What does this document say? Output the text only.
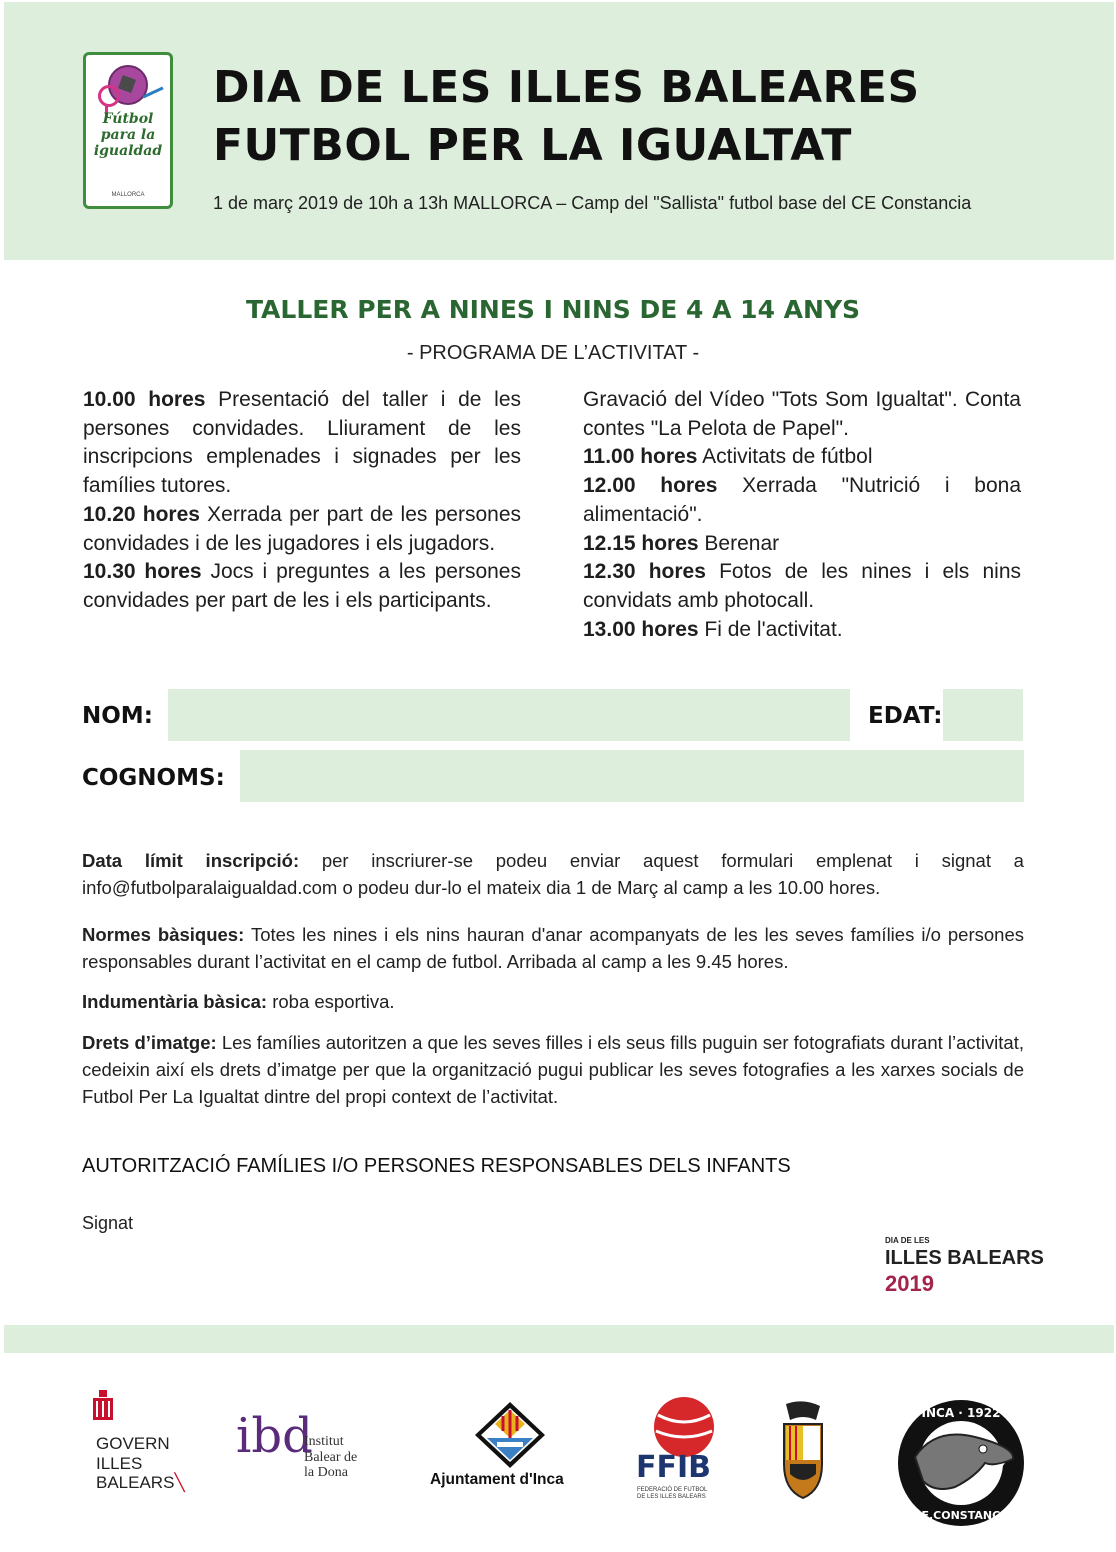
Fútbol
para la
igualdad
MALLORCA
DIA DE LES ILLES BALEARES
FUTBOL PER LA IGUALTAT
1 de març 2019 de 10h a 13h MALLORCA – Camp del "Sallista" futbol base del CE Constancia
TALLER PER A NINES I NINS DE 4 A 14 ANYS
- PROGRAMA DE L’ACTIVITAT -

10.00 hores Presentació del taller i de les persones convidades. Lliurament de les inscripcions emplenades i signades per les famílies tutores.

10.20 hores Xerrada per part de les persones convidades i de les jugadores i els jugadors.

10.30 hores Jocs i preguntes a les persones convidades per part de les i els participants.

Gravació del Vídeo "Tots Som Igualtat". Conta contes "La Pelota de Papel".

11.00 hores Activitats de fútbol

12.00 hores Xerrada "Nutrició i bona alimentació".

12.15 hores Berenar

12.30 hores Fotos de les nines i els nins convidats amb photocall.

13.00 hores Fi de l'activitat.

NOM:	EDAT:
COGNOMS:
Data límit inscripció: per inscriurer-se podeu enviar aquest formulari emplenat i signat a info@futbolparalaigualdad.com o podeu dur-lo el mateix dia 1 de Març al camp a les 10.00 hores.
Normes bàsiques: Totes les nines i els nins hauran d'anar acompanyats de les les seves famílies i/o persones responsables durant l’activitat en el camp de futbol. Arribada al camp a les 9.45 hores.
Indumentària bàsica: roba esportiva.
Drets d’imatge: Les famílies autoritzen a que les seves filles i els seus fills puguin ser fotografiats durant l’activitat, cedeixin així els drets d’imatge per que la organització pugui publicar les seves fotografies a les xarxes socials de Futbol Per La Igualtat dintre del propi context de l’activitat.
AUTORITZACIÓ FAMÍLIES I/O PERSONES RESPONSABLES DELS INFANTS
Signat
DIA DE LES
ILLES BALEARS
2019
GOVERN
ILLES
BALEARS╲
ibd
Institut
Balear de
la Dona	Ajuntament d'Inca FFIB
FEDERACIÓ DE FUTBOL
DE LES ILLES BALEARS
INCA · 1922
C.E.CONSTANCIA
